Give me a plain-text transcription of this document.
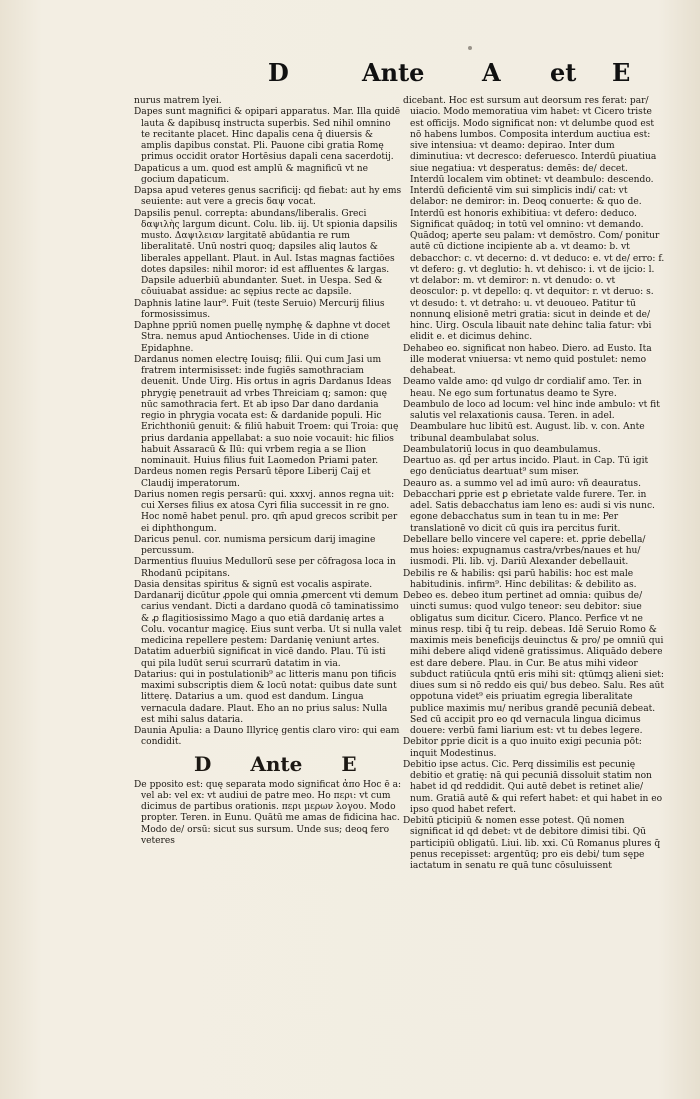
D	Ante A et E

nurus matrem lyei.

Dapes sunt magnifici & opipari apparatus. Mar. Illa quidē lauta & dapibusq instructa superbis. Sed nihil omnino te recitante placet. Hinc dapalis cena q̄ diuersis & amplis dapibus constat. Pli. Pauone cibi gratia Romę primus occidit orator Hortēsius dapali cena sacerdotij.

Dapaticus a um. quod est amplū & magnificū vt ne gocium dapaticum.

Dapsa apud veteres genus sacrificij: qd fiebat: aut hy ems seuiente: aut vere a grecis δαψ vocat.

Dapsilis penul. correpta: abundans/liberalis. Greci δαψιλὴς largum dicunt. Colu. lib. iij. Ut spionia dapsilis musto. Δαψιλειαν largitatē abūdantia re rum liberalitatē. Unū nostri quoq; dapsiles aliq lautos & liberales appellant. Plaut. in Aul. Istas magnas factiōes dotes dapsiles: nihil moror: id est affluentes & largas. Dapsile aduerbiū abundanter. Suet. in Uespa. Sed & cōuiuabat assidue: ac sępius recte ac dapsile.

Daphnis latine laur⁹. Fuit (teste Seruio) Mercurij filius formosissimus.

Daphne ppriū nomen puellę nymphę & daphne vt docet Stra. nemus apud Antiochenses. Uide in di ctione Epidaphne.

Dardanus nomen electrę Iouisq; filii. Qui cum Jasi um fratrem intermisisset: inde fugiēs samothraciam deuenit. Unde Uirg. His ortus in agris Dardanus Ideas phrygię penetrauit ad vrbes Threiciam q; samon: quę nūc samothracia fert. Et ab ipso Dar dano dardania regio in phrygia vocata est: & dardanide populi. Hic Erichthoniū genuit: & filiū habuit Troem: qui Troia: quę prius dardania appellabat: a suo noie vocauit: hic filios habuit Assaracū & Ilū: qui vrbem regia a se Ilion nominauit. Huius filius fuit Laomedon Priami pater.

Dardeus nomen regis Persarū tēpore Liberij Caij et Claudij imperatorum.

Darius nomen regis persarū: qui. xxxvj. annos regna uit: cui Xerses filius ex atosa Cyri filia successit in re gno. Hoc nomē habet penul. pro. qm̄ apud grecos scribit per ei diphthongum.

Daricus penul. cor. numisma persicum darij imagine percussum.

Darmentius fluuius Medullorū sese per cōfragosa loca in Rhodanū pcipitans.

Dasia densitas spiritus & signū est vocalis aspirate.

Dardanarij dicūtur ꝓpole qui omnia ꝓmercent vti demum carius vendant. Dicti a dardano quodā cō taminatissimo & ꝓ flagitiosissimo Mago a quo etiā dardanię artes a Colu. vocantur magicę. Eius sunt verba. Ut si nulla valet medicina repellere pestem: Dardanię veniunt artes.

Datatim aduerbiū significat in vicē dando. Plau. Tū isti qui pila ludūt serui scurrarū datatim in via.

Datarius: qui in postulationib⁹ ac litteris manu pon tificis maximi subscriptis diem & locū notat: quibus date sunt litterę. Datarius a um. quod est dandum. Lingua vernacula dadare. Plaut. Eho an no prius salus: Nulla est mihi salus dataria.

Daunia Apulia: a Dauno Illyricę gentis claro viro: qui eam condidit.

D Ante E

De pposito est: quę separata modo significat ἀπο Hoc ē a: vel ab: vel ex: vt audiui de patre meo. Ho περι: vt cum dicimus de partibus orationis. περι μερων λογου. Modo propter. Teren. in Eunu. Quātū me amas de fidicina hac. Modo de/ orsū: sicut sus sursum. Unde sus; deoꝗ fero veteres

dicebant. Hoc est sursum aut deorsum res ferat: par/ uiacio. Modo memoratiua vim habet: vt Cicero triste est officijs. Modo significat non: vt delumbe quod est nō habens lumbos. Composita interdum auctiua est: sive intensiua: vt deamo: depirao. Inter dum diminutiua: vt decresco: deferuesco. Interdū ꝑiuatiua siue negatiua: vt desperatus: demēs: de/ decet. Interdū localem vim obtinet: vt deambulo: descendo. Interdū deficientē vim sui simplicis indi/ cat: vt delabor: ne demiror: in. Deoꝗ conuerte: & quo de. Interdū est honoris exhibitiua: vt defero: deduco. Significat quādoq; in totū vel omnino: vt demando. Quādoq; aperte seu palam: vt demōstro. Com/ ponitur autē cū dictione incipiente ab a. vt deamo: b. vt debacchor: c. vt decerno: d. vt deduco: e. vt de/ erro: f. vt defero: g. vt deglutio: h. vt dehisco: i. vt de ijcio: l. vt delabor: m. vt demiror: n. vt denudo: o. vt deosculor: p. vt depello: q. vt dequitor: r. vt deruo: s. vt desudo: t. vt detraho: u. vt deuoueo. Patitur tū nonnunꝗ elisionē metri gratia: sicut in deinde et de/ hinc. Uirg. Oscula libauit nate dehinc talia fatur: vbi elidit e. et dicimus dehinc.

Dehabeo eo. significat non habeo. Diero. ad Eusto. Ita ille moderat vniuersa: vt nemo quid postulet: nemo dehabeat.

Deamo valde amo: qd vulgo dr cordialif amo. Ter. in heau. Ne ego sum fortunatus deamo te Syre.

Deambulo de loco ad locum: vel hinc inde ambulo: vt fit salutis vel relaxationis causa. Teren. in adel. Deambulare huc libitū est. August. lib. v. con. Ante tribunal deambulabat solus.

Deambulatoriū locus in quo deambulamus.

Deartuo as. qd̄ per artus incido. Plaut. in Cap. Tū igit ego denūciatus deartuat⁹ sum miser.

Deauro as. a summo vel ad imū auro: vñ deauratus.

Debacchari ꝑprie est ꝑ ebrietate valde furere. Ter. in adel. Satis debacchatus iam leno es: audi si vis nunc. egone debacchatus sum in tean tu in me: Per translationē vo dicit cū quis ira percitus furit.

Debellare bello vincere vel capere: et. ꝑprie debella/ mus hoies: expugnamus castra/vrbes/naues et hu/ iusmodi. Pli. lib. vj. Dariū Alexander debellauit.

Debilis re & habilis: qsi parū habilis: hoc est male habitudinis. infirm⁹. Hinc debilitas: & debilito as.

Debeo es. debeo itum pertinet ad omnia: quibus de/ uincti sumus: quod vulgo teneor: seu debitor: siue obligatus sum dicitur. Cicero. Planco. Perfice vt ne minus resp. tibi q̄ tu reip. debeas. Idē Seruio Romo & maximis meis beneficijs deuinctus & pro/ pe omniū qui mihi debere aliqd videnē gratissimus. Aliquādo debere est dare debere. Plau. in Cur. Be atus mihi videor subduct ratiūcula qntū eris mihi sit: qtūmqꝫ alieni siet: diues sum si nō reddo eis qui/ bus debeo. Salu. Res aūt oppotuna videt⁹ eis priuatim egregia liberalitate publice maximis mu/ neribus grandē pecuniā debeat. Sed cū accipit pro eo qd vernacula lingua dicimus douere: verbū fami liarium est: vt tu debes legere.

Debitor ꝑprie dicit is a quo inuito exigi pecunia pōt: inquit Modestinus.

Debitio ipse actus. Cic. Perq dissimilis est pecunię debitio et gratię: nā qui pecuniā dissoluit statim non habet id qd reddidit. Qui autē debet is retinet alie/ num. Gratiā autē & qui refert habet: et qui habet in eo ipso quod habet refert.

Debitū ꝑticipiū & nomen esse potest. Qū nomen significat id qd debet: vt de debitore dimisi tibi. Qū participiū obligatū. Liui. lib. xxi. Cū Romanus plures q̄ penus recepisset: argentūq; pro eis debi/ tum sępe iactatum in senatu re quā tunc cōsuluissent
